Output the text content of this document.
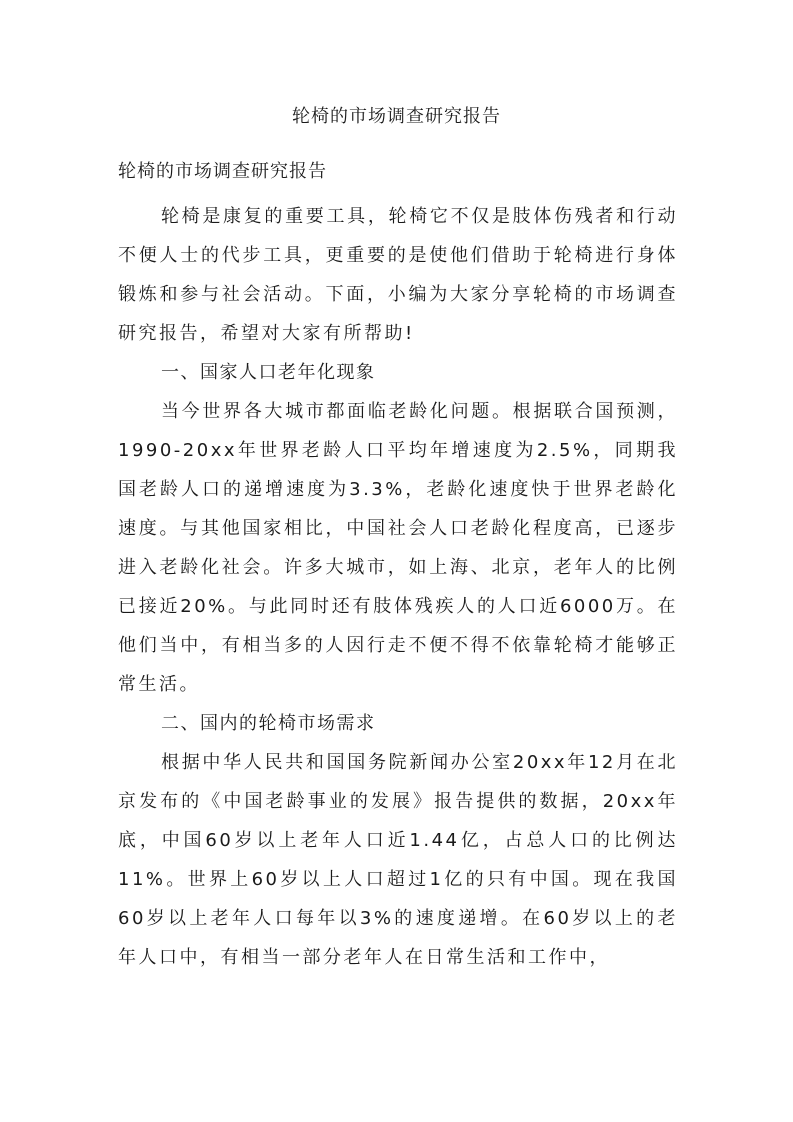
轮椅的市场调查研究报告
轮椅的市场调查研究报告

轮椅是康复的重要工具，轮椅它不仅是肢体伤残者和行动不便人士的代步工具，更重要的是使他们借助于轮椅进行身体锻炼和参与社会活动。下面，小编为大家分享轮椅的市场调查研究报告，希望对大家有所帮助!

一、国家人口老年化现象

当今世界各大城市都面临老龄化问题。根据联合国预测，1990-20xx年世界老龄人口平均年增速度为2.5%，同期我国老龄人口的递增速度为3.3%，老龄化速度快于世界老龄化速度。与其他国家相比，中国社会人口老龄化程度高，已逐步进入老龄化社会。许多大城市，如上海、北京，老年人的比例已接近20%。与此同时还有肢体残疾人的人口近6000万。在他们当中，有相当多的人因行走不便不得不依靠轮椅才能够正常生活。

二、国内的轮椅市场需求

根据中华人民共和国国务院新闻办公室20xx年12月在北京发布的《中国老龄事业的发展》报告提供的数据，20xx年底，中国60岁以上老年人口近1.44亿，占总人口的比例达11%。世界上60岁以上人口超过1亿的只有中国。现在我国60岁以上老年人口每年以3%的速度递增。在60岁以上的老年人口中，有相当一部分老年人在日常生活和工作中，
